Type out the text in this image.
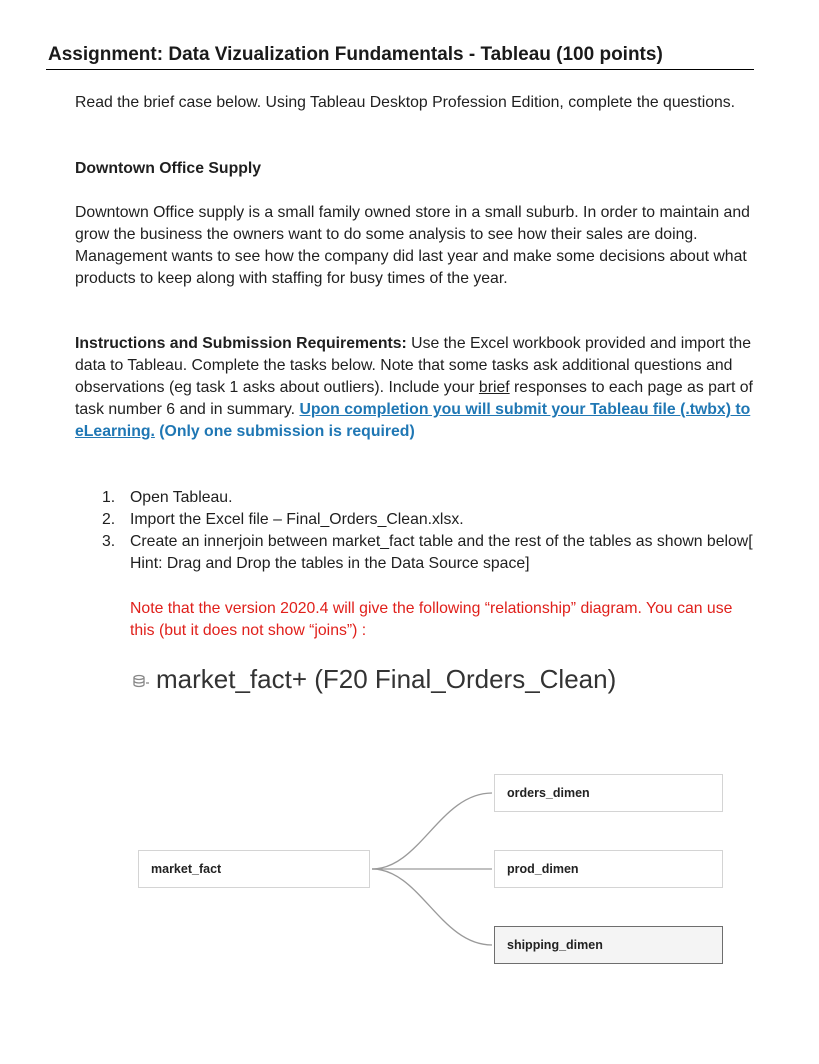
Assignment: Data Vizualization Fundamentals - Tableau (100 points)
Read the brief case below. Using Tableau Desktop Profession Edition, complete the questions.
Downtown Office Supply
Downtown Office supply is a small family owned store in a small suburb. In order to maintain and grow the business the owners want to do some analysis to see how their sales are doing. Management wants to see how the company did last year and make some decisions about what products to keep along with staffing for busy times of the year.
Instructions and Submission Requirements: Use the Excel workbook provided and import the data to Tableau. Complete the tasks below. Note that some tasks ask additional questions and observations (eg task 1 asks about outliers). Include your brief responses to each page as part of task number 6 and in summary. Upon completion you will submit your Tableau file (.twbx) to eLearning. (Only one submission is required)
1. Open Tableau.
2. Import the Excel file – Final_Orders_Clean.xlsx.
3. Create an innerjoin between market_fact table and the rest of the tables as shown below[ Hint: Drag and Drop the tables in the Data Source space]
Note that the version 2020.4 will give the following “relationship” diagram. You can use this (but it does not show “joins”) :
market_fact+ (F20 Final_Orders_Clean)
market_fact
orders_dimen
prod_dimen
shipping_dimen
